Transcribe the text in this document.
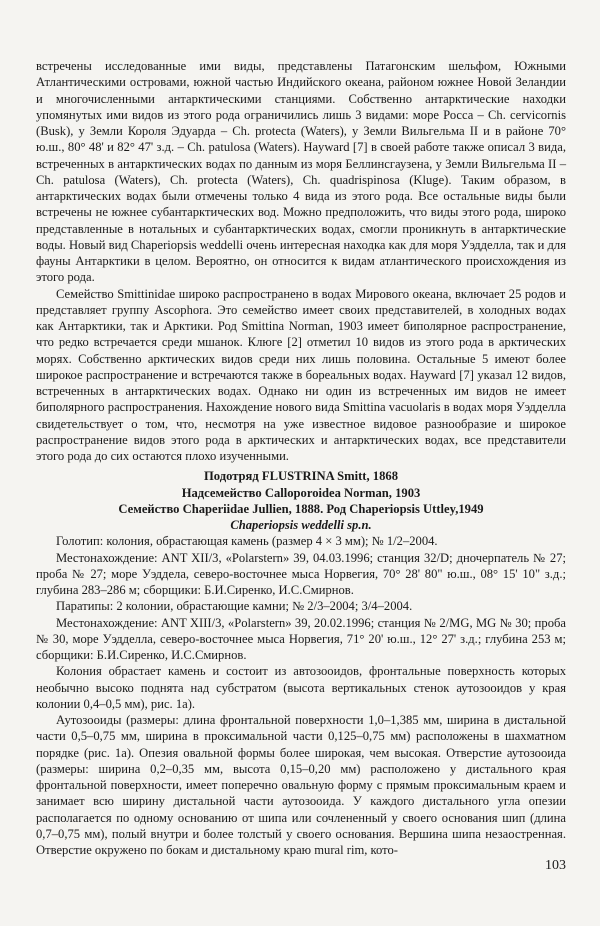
встречены исследованные ими виды, представлены Патагонским шельфом, Южными Атлантическими островами, южной частью Индийского океана, районом южнее Новой Зеландии и многочисленными антарктическими станциями. Собственно антарктические находки упомянутых ими видов из этого рода ограничились лишь 3 видами: море Росса – Ch. cervicornis (Busk), у Земли Короля Эдуарда – Ch. protecta (Waters), у Земли Вильгельма II и в районе 70° ю.ш., 80° 48' и 82° 47' з.д. – Ch. patulosa (Waters). Hayward [7] в своей работе также описал 3 вида, встреченных в антарктических водах по данным из моря Беллинсгаузена, у Земли Вильгельма II – Ch. patulosa (Waters), Ch. protecta (Waters), Ch. quadrispinosa (Kluge). Таким образом, в антарктических водах были отмечены только 4 вида из этого рода. Все остальные виды были встречены не южнее субантарктических вод. Можно предположить, что виды этого рода, широко представленные в нотальных и субантарктических водах, смогли проникнуть в антарктические воды. Новый вид Chaperiopsis weddelli очень интересная находка как для моря Уэдделла, так и для фауны Антарктики в целом. Вероятно, он относится к видам атлантического происхождения из этого рода.

Семейство Smittinidae широко распространено в водах Мирового океана, включает 25 родов и представляет группу Ascophora. Это семейство имеет своих представителей, в холодных водах как Антарктики, так и Арктики. Род Smittina Norman, 1903 имеет биполярное распространение, что редко встречается среди мшанок. Клюге [2] отметил 10 видов из этого рода в арктических морях. Собственно арктических видов среди них лишь половина. Остальные 5 имеют более широкое распространение и встречаются также в бореальных водах. Hayward [7] указал 12 видов, встреченных в антарктических водах. Однако ни один из встреченных им видов не имеет биполярного распространения. Нахождение нового вида Smittina vacuolaris в водах моря Уэдделла свидетельствует о том, что, несмотря на уже известное видовое разнообразие и широкое распространение видов этого рода в арктических и антарктических водах, все представители этого рода до сих остаются плохо изученными.

Подотряд FLUSTRINA Smitt, 1868

Надсемейство Calloporoidea Norman, 1903

Семейство Chaperiidae Jullien, 1888. Род Chaperiopsis Uttley,1949

Chaperiopsis weddelli sp.n.

Голотип: колония, обрастающая камень (размер 4 × 3 мм); № 1/2–2004.

Местонахождение: ANT XII/3, «Polarstern» 39, 04.03.1996; станция 32/D; дночерпатель № 27; проба № 27; море Уэддела, северо-восточнее мыса Норвегия, 70° 28' 80" ю.ш., 08° 15' 10" з.д.; глубина 283–286 м; сборщики: Б.И.Сиренко, И.С.Смирнов.

Паратипы: 2 колонии, обрастающие камни; № 2/3–2004; 3/4–2004.

Местонахождение: ANT XIII/3, «Polarstern» 39, 20.02.1996; станция № 2/MG, MG № 30; проба № 30, море Уэдделла, северо-восточнее мыса Норвегия, 71° 20' ю.ш., 12° 27' з.д.; глубина 253 м; сборщики: Б.И.Сиренко, И.С.Смирнов.

Колония обрастает камень и состоит из автозооидов, фронтальные поверхность которых необычно высоко поднята над субстратом (высота вертикальных стенок аутозооидов у края колонии 0,4–0,5 мм), рис. 1a).

Аутозооиды (размеры: длина фронтальной поверхности 1,0–1,385 мм, ширина в дистальной части 0,5–0,75 мм, ширина в проксимальной части 0,125–0,75 мм) расположены в шахматном порядке (рис. 1a). Опезия овальной формы более широкая, чем высокая. Отверстие аутозооида (размеры: ширина 0,2–0,35 мм, высота 0,15–0,20 мм) расположено у дистального края фронтальной поверхности, имеет поперечно овальную форму с прямым проксимальным краем и занимает всю ширину дистальной части аутозооида. У каждого дистального угла опезии располагается по одному основанию от шипа или сочлененный у своего основания шип (длина 0,7–0,75 мм), полый внутри и более толстый у своего основания. Вершина шипа незаостренная. Отверстие окружено по бокам и дистальному краю mural rim, кото-

103
